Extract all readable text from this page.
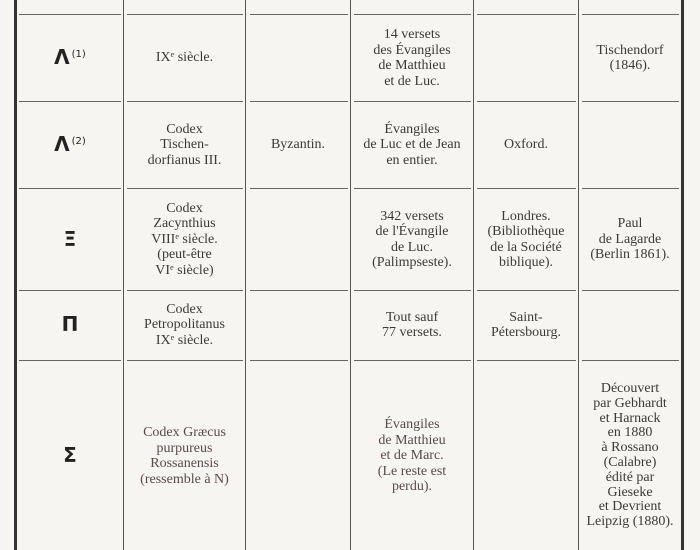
Λ $^{(1)}$	IXᵉ siècle.
14 versets
des Évangiles
de Matthieu
et de Luc.
Tischendorf
(1846).
Λ $^{(2)}$
Codex
Tischen-
dorfianus III.
Byzantin.
Évangiles
de Luc et de Jean
en entier.
Oxford.
Ξ
Codex
Zacynthius
VIIIᵉ siècle.
(peut-être
VIᵉ siècle)
342 versets
de l'Évangile
de Luc.
(Palimpseste).
Londres.
(Bibliothèque
de la Société
biblique).
Paul
de Lagarde
(Berlin 1861).
Π
Codex
Petropolitanus
IXᵉ siècle.
Tout sauf
77 versets.
Saint-
Pétersbourg.
Σ
Codex Græcus
purpureus
Rossanensis
(ressemble à N)
Évangiles
de Matthieu
et de Marc.
(Le reste est
perdu).
Découvert
par Gebhardt
et Harnack
en 1880
à Rossano
(Calabre)
édité par
Gieseke
et Devrient
Leipzig (1880).
